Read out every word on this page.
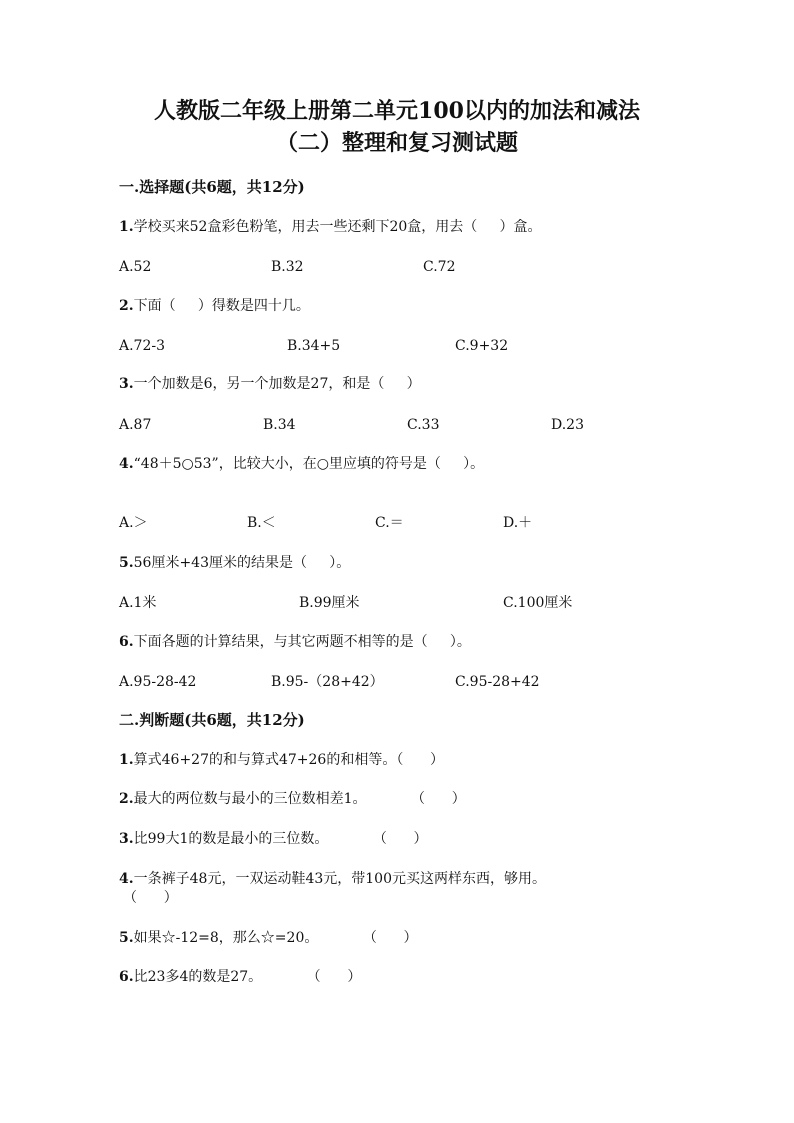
人教版二年级上册第二单元100以内的加法和减法
（二）整理和复习测试题
一.选择题(共6题，共12分)
1.学校买来52盒彩色粉笔，用去一些还剩下20盒，用去（     ）盒。
A.52	B.32	C.72
2.下面（     ）得数是四十几。
A.72-3	B.34+5	C.9+32
3.一个加数是6，另一个加数是27，和是（     ）
A.87	B.34	C.33	D.23
4.“48＋5○53”，比较大小，在○里应填的符号是（     ）。
A.＞	B.＜	C.＝	D.＋
5.56厘米+43厘米的结果是（     ）。
A.1米	B.99厘米	C.100厘米
6.下面各题的计算结果，与其它两题不相等的是（     ）。
A.95-28-42	B.95-（28+42）	C.95-28+42
二.判断题(共6题，共12分)
1.算式46+27的和与算式47+26的和相等。（      ）
2.最大的两位数与最小的三位数相差1。          （      ）
3.比99大1的数是最小的三位数。          （      ）
4.一条裤子48元，一双运动鞋43元，带100元买这两样东西，够用。
（      ）
5.如果☆-12=8，那么☆=20。          （      ）
6.比23多4的数是27。          （      ）
